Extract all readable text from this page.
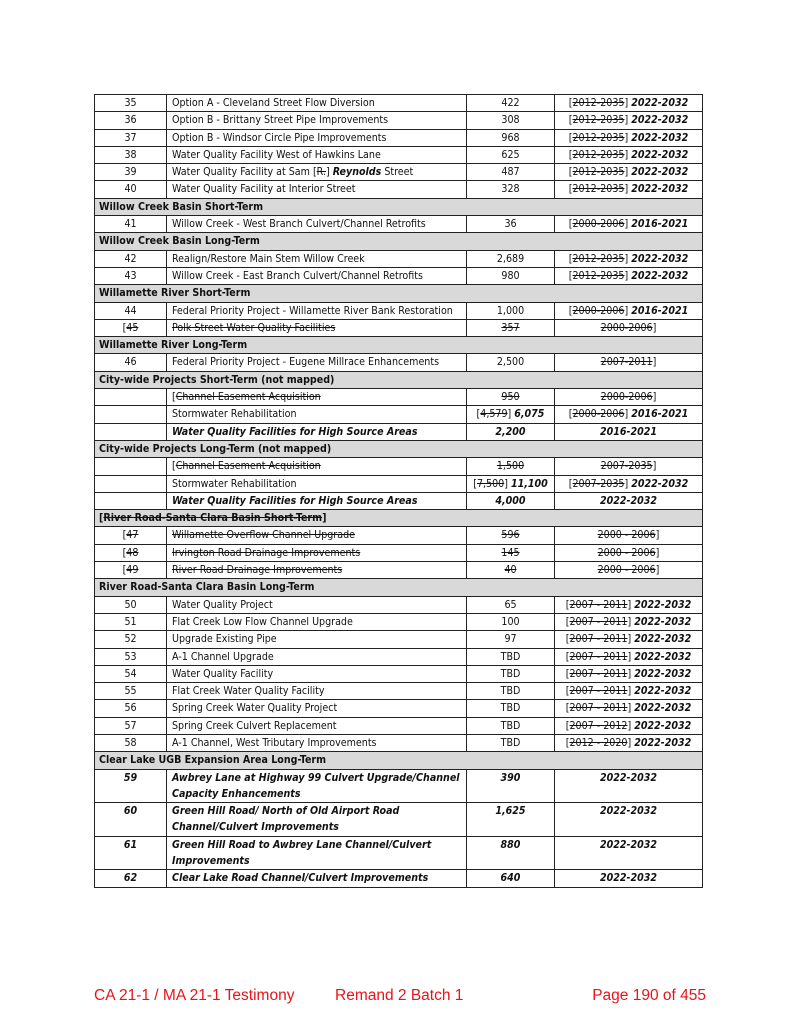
35	Option A - Cleveland Street Flow Diversion	422	[2012-2035] 2022-2032
36	Option B - Brittany Street Pipe Improvements	308	[2012-2035] 2022-2032
37	Option B - Windsor Circle Pipe Improvements	968	[2012-2035] 2022-2032
38	Water Quality Facility West of Hawkins Lane	625	[2012-2035] 2022-2032
39	Water Quality Facility at Sam [R.] Reynolds Street	487	[2012-2035] 2022-2032
40	Water Quality Facility at Interior Street	328	[2012-2035] 2022-2032
Willow Creek Basin Short-Term			
41	Willow Creek - West Branch Culvert/Channel Retrofits	36	[2000-2006] 2016-2021
Willow Creek Basin Long-Term			
42	Realign/Restore Main Stem Willow Creek	2,689	[2012-2035] 2022-2032
43	Willow Creek - East Branch Culvert/Channel Retrofits	980	[2012-2035] 2022-2032
Willamette River Short-Term			
44	Federal Priority Project - Willamette River Bank Restoration	1,000	[2000-2006] 2016-2021
[45	Polk Street Water Quality Facilities	357	2000-2006]
Willamette River Long-Term			
46	Federal Priority Project - Eugene Millrace Enhancements	2,500	2007-2011]
City-wide Projects Short-Term (not mapped)			
	[Channel Easement Acquisition	950	2000-2006]
	Stormwater Rehabilitation	[4,579] 6,075	[2000-2006] 2016-2021
	Water Quality Facilities for High Source Areas	2,200	2016-2021
City-wide Projects Long-Term (not mapped)			
	[Channel Easement Acquisition	1,500	2007-2035]
	Stormwater Rehabilitation	[7,500] 11,100	[2007-2035] 2022-2032
	Water Quality Facilities for High Source Areas	4,000	2022-2032
[River Road-Santa Clara Basin Short-Term]			
[47	Willamette Overflow Channel Upgrade	596	2000 - 2006]
[48	Irvington Road Drainage Improvements	145	2000 - 2006]
[49	River Road Drainage Improvements	40	2000 - 2006]
River Road-Santa Clara Basin Long-Term			
50	Water Quality Project	65	[2007 - 2011] 2022-2032
51	Flat Creek Low Flow Channel Upgrade	100	[2007 - 2011] 2022-2032
52	Upgrade Existing Pipe	97	[2007 - 2011] 2022-2032
53	A-1 Channel Upgrade	TBD	[2007 - 2011] 2022-2032
54	Water Quality Facility	TBD	[2007 - 2011] 2022-2032
55	Flat Creek Water Quality Facility	TBD	[2007 - 2011] 2022-2032
56	Spring Creek Water Quality Project	TBD	[2007 - 2011] 2022-2032
57	Spring Creek Culvert Replacement	TBD	[2007 - 2012] 2022-2032
58	A-1 Channel, West Tributary Improvements	TBD	[2012 - 2020] 2022-2032
Clear Lake UGB Expansion Area Long-Term			
59	Awbrey Lane at Highway 99 Culvert Upgrade/Channel Capacity Enhancements	390	2022-2032
60	Green Hill Road/ North of Old Airport Road Channel/Culvert Improvements	1,625	2022-2032
61	Green Hill Road to Awbrey Lane Channel/Culvert Improvements	880	2022-2032
62	Clear Lake Road Channel/Culvert Improvements	640	2022-2032
CA 21-1 / MA 21-1 Testimony	Remand 2 Batch 1	Page 190 of 455
